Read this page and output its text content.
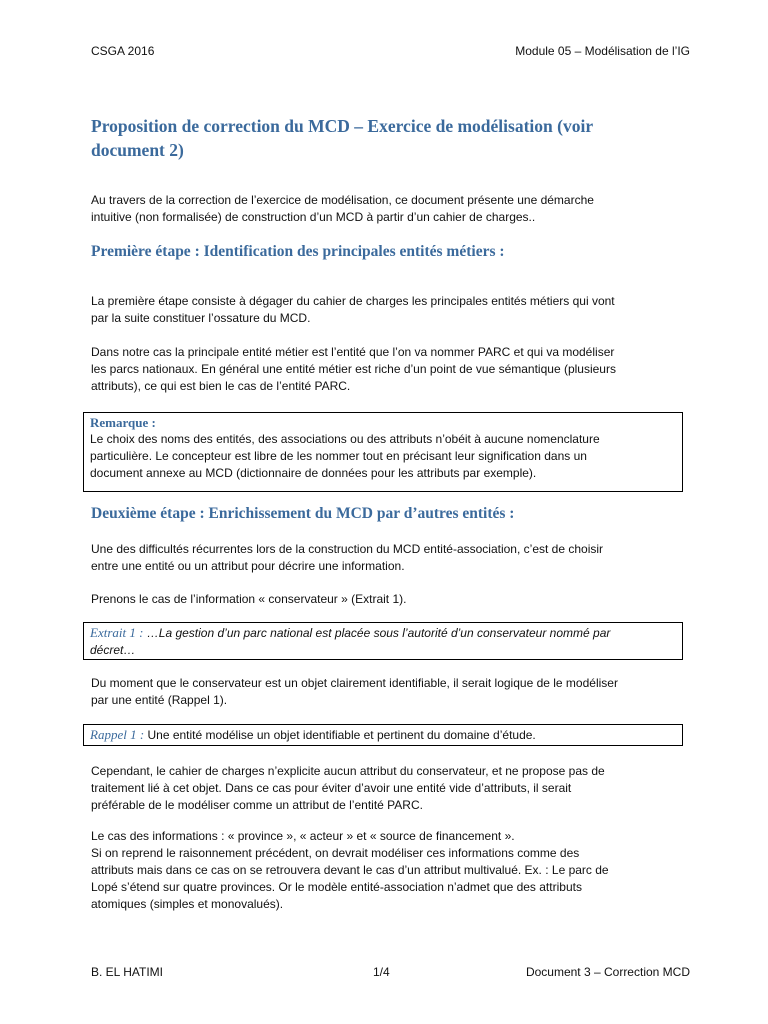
CSGA 2016	Module 05 – Modélisation de l’IG
Proposition de correction du MCD – Exercice de modélisation (voir
document 2)
Au travers de la correction de l’exercice de modélisation, ce document présente une démarche
intuitive (non formalisée) de construction d’un MCD à partir d’un cahier de charges..
Première étape : Identification des principales entités métiers :
La première étape consiste à dégager du cahier de charges les principales entités métiers qui vont
par la suite constituer l’ossature du MCD.
Dans notre cas la principale entité métier est l’entité que l’on va nommer PARC et qui va modéliser
les parcs nationaux. En général une entité métier est riche d’un point de vue sémantique (plusieurs
attributs), ce qui est bien le cas de l’entité PARC.
Remarque :
Le choix des noms des entités, des associations ou des attributs n’obéit à aucune nomenclature
particulière. Le concepteur est libre de les nommer tout en précisant leur signification dans un
document annexe au MCD (dictionnaire de données pour les attributs par exemple).
Deuxième étape : Enrichissement du MCD par d’autres entités :
Une des difficultés récurrentes lors de la construction du MCD entité-association, c’est de choisir
entre une entité ou un attribut pour décrire une information.
Prenons le cas de l’information « conservateur » (Extrait 1).
Extrait 1 : …La gestion d’un parc national est placée sous l’autorité d’un conservateur nommé par
décret…
Du moment que le conservateur est un objet clairement identifiable, il serait logique de le modéliser
par une entité (Rappel 1).
Rappel 1 : Une entité modélise un objet identifiable et pertinent du domaine d’étude.
Cependant, le cahier de charges n’explicite aucun attribut du conservateur, et ne propose pas de
traitement lié à cet objet. Dans ce cas pour éviter d’avoir une entité vide d’attributs, il serait
préférable de le modéliser comme un attribut de l’entité PARC.
Le cas des informations : « province », « acteur » et « source de financement ».
Si on reprend le raisonnement précédent, on devrait modéliser ces informations comme des
attributs mais dans ce cas on se retrouvera devant le cas d’un attribut multivalué. Ex. : Le parc de
Lopé s’étend sur quatre provinces. Or le modèle entité-association n’admet que des attributs
atomiques (simples et monovalués).
B. EL HATIMI	1/4	Document 3 – Correction MCD
